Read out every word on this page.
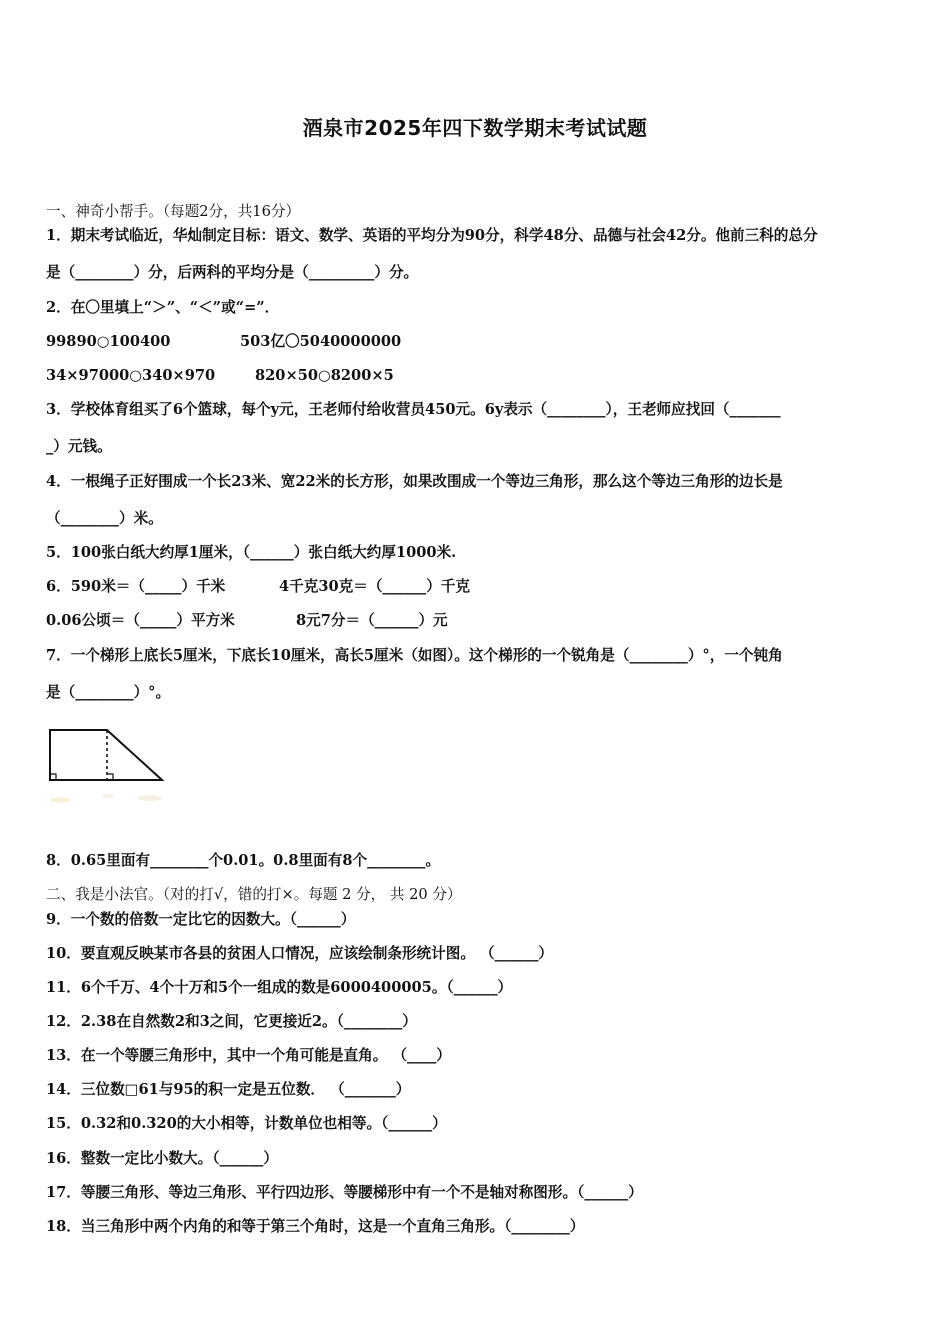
酒泉市2025年四下数学期末考试试题
一、神奇小帮手。（每题2分，共16分）
1．期末考试临近，华灿制定目标：语文、数学、英语的平均分为90分，科学48分、品德与社会42分。他前三科的总分
是（________）分，后两科的平均分是（_________）分。
2．在〇里填上“＞”、“＜”或“=”．
99890○100400	503亿〇5040000000
34×97000○340×970	820×50○8200×5
3．学校体育组买了6个篮球，每个y元，王老师付给收营员450元。6y表示（________），王老师应找回（_______
_）元钱。
4．一根绳子正好围成一个长23米、宽22米的长方形，如果改围成一个等边三角形，那么这个等边三角形的边长是
（________）米。
5．100张白纸大约厚1厘米，（______）张白纸大约厚1000米.
6．590米＝（_____）千米	4千克30克＝（______）千克
0.06公顷＝（_____）平方米	8元7分＝（______）元
7．一个梯形上底长5厘米，下底长10厘米，高长5厘米（如图）。这个梯形的一个锐角是（________）°，一个钝角
是（________）°。
8．0.65里面有________个0.01。0.8里面有8个________。
二、我是小法官。（对的打√，错的打×。每题 2 分， 共 20 分）
9．一个数的倍数一定比它的因数大。（______）
10．要直观反映某市各县的贫困人口情况，应该绘制条形统计图。 （______）
11．6个千万、4个十万和5个一组成的数是6000400005。（______）
12．2.38在自然数2和3之间，它更接近2。（________）
13．在一个等腰三角形中，其中一个角可能是直角。 （____）
14．三位数□61与95的积一定是五位数． （_______）
15．0.32和0.320的大小相等，计数单位也相等。（______）
16．整数一定比小数大。（______）
17．等腰三角形、等边三角形、平行四边形、等腰梯形中有一个不是轴对称图形。（______）
18．当三角形中两个内角的和等于第三个角时，这是一个直角三角形。（________）
